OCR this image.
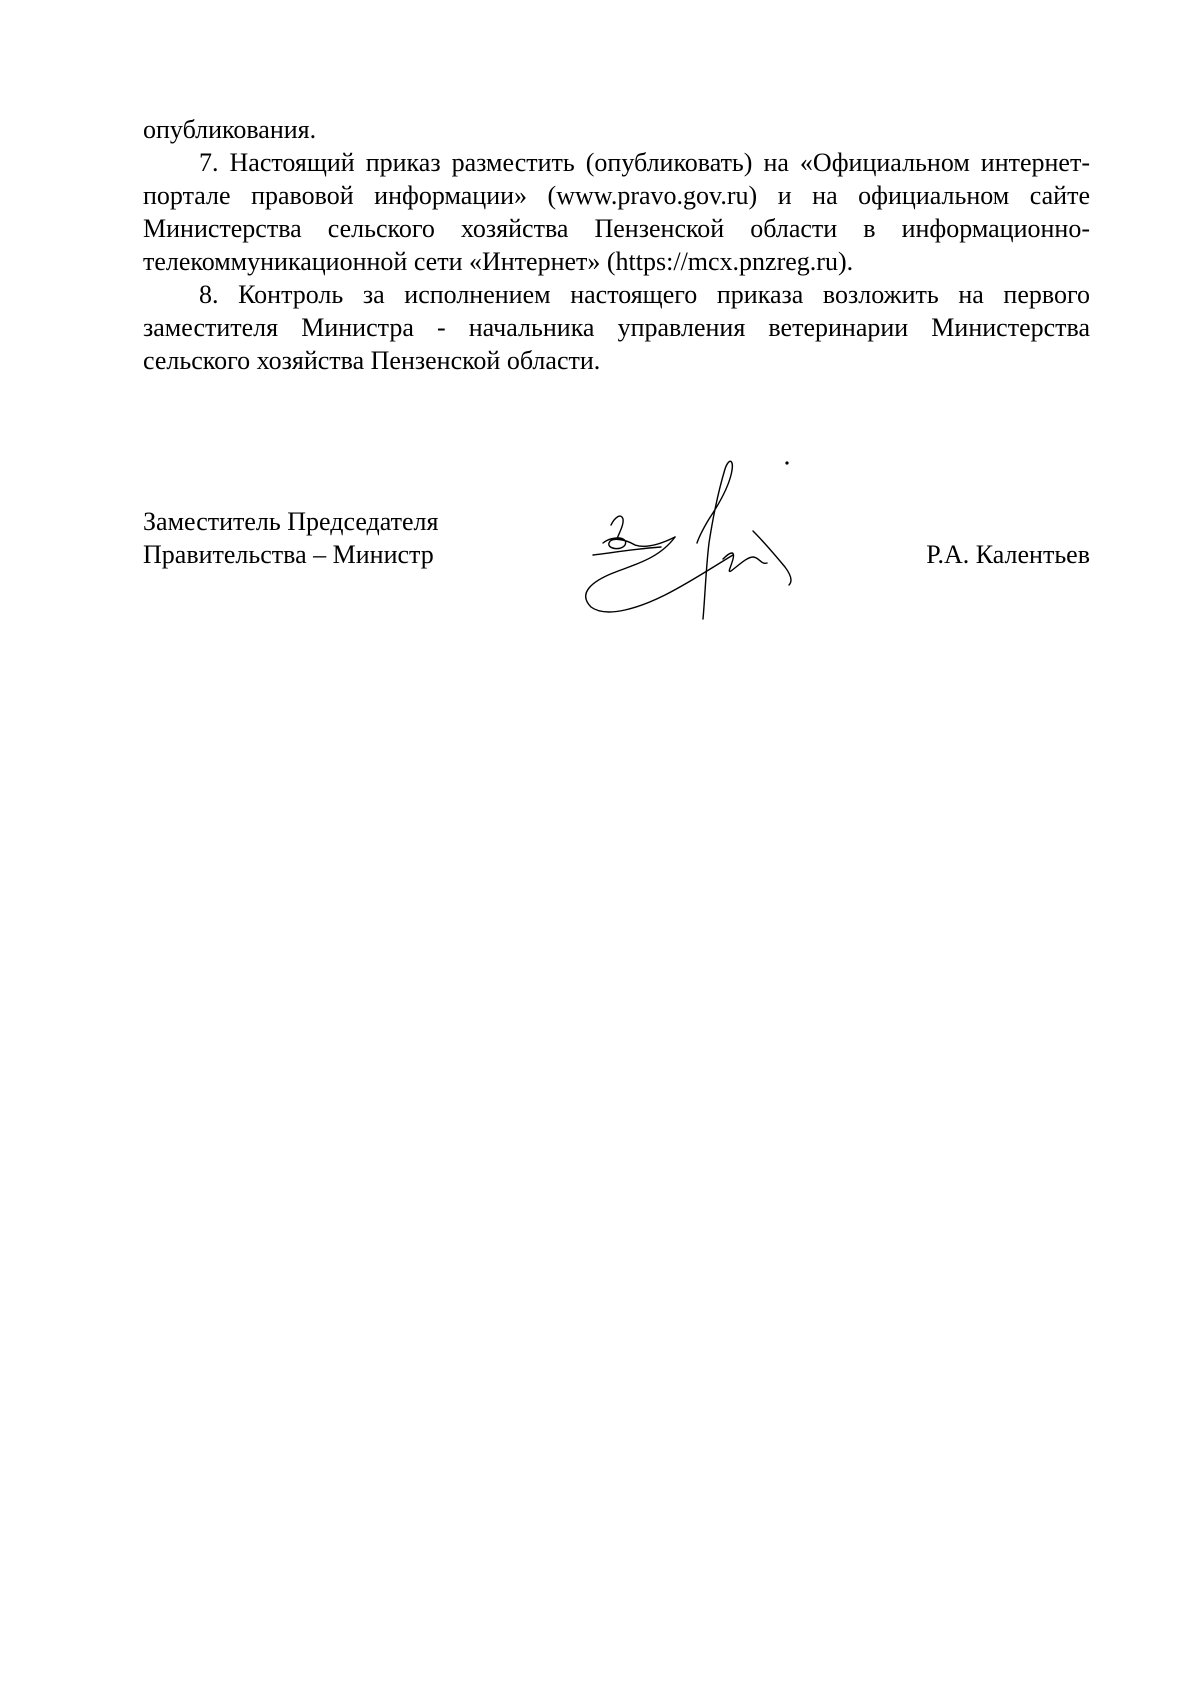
опубликования.

7. Настоящий приказ разместить (опубликовать) на «Официальном интернет-портале правовой информации» (www.pravo.gov.ru) и на официальном сайте Министерства сельского хозяйства Пензенской области в информационно-телекоммуникационной сети «Интернет» (https://mcx.pnzreg.ru).

8. Контроль за исполнением настоящего приказа возложить на первого заместителя Министра - начальника управления ветеринарии Министерства сельского хозяйства Пензенской области.

Заместитель Председателя
Правительства – Министр	Р.А. Калентьев
